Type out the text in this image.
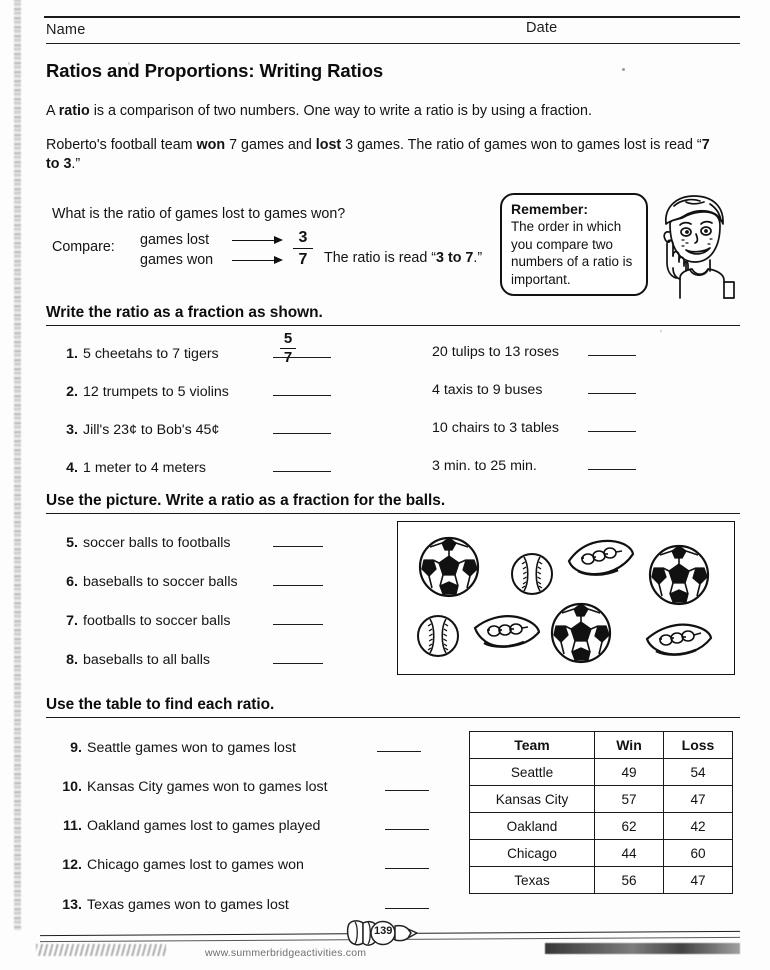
Name	Date
Ratios and Proportions: Writing Ratios
A ratio is a comparison of two numbers. One way to write a ratio is by using a fraction.
Roberto's football team won 7 games and lost 3 games. The ratio of games won to games lost is read “7 to 3.”
What is the ratio of games lost to games won?
Compare: games lost
games won
3
7	The ratio is read “3 to 7.”
Remember:
The order in which you compare two numbers of a ratio is important.
Write the ratio as a fraction as shown.
5
7
1. 5 cheetahs to 7 tigers
2. 12 trumpets to 5 violins
3. Jill's 23¢ to Bob's 45¢
4. 1 meter to 4 meters
20 tulips to 13 roses
4 taxis to 9 buses
10 chairs to 3 tables
3 min. to 25 min.
Use the picture. Write a ratio as a fraction for the balls.
5. soccer balls to footballs
6. baseballs to soccer balls
7. footballs to soccer balls
8. baseballs to all balls
Use the table to find each ratio.
9. Seattle games won to games lost
10. Kansas City games won to games lost
11. Oakland games lost to games played
12. Chicago games lost to games won
13. Texas games won to games lost
Team	Win	Loss
Seattle	49	54
Kansas City	57	47
Oakland	62	42
Chicago	44	60
Texas	56	47
139
www.summerbridgeactivities.com
